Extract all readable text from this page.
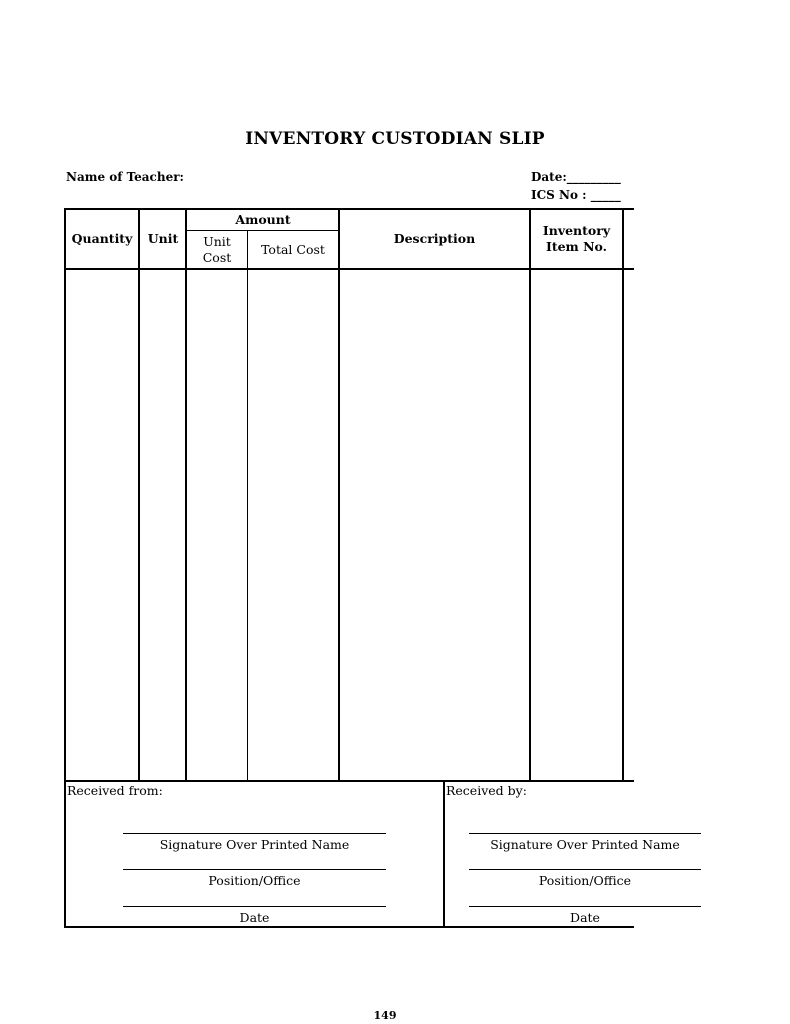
INVENTORY CUSTODIAN SLIP
Name of Teacher:	Date:_________
ICS No : _____
Quantity	Unit
Amount
Unit
Cost
Total Cost
Description
Inventory
Item No.
Received from:
Signature Over Printed Name
Position/Office
Date
Received by:
Signature Over Printed Name
Position/Office
Date
149
